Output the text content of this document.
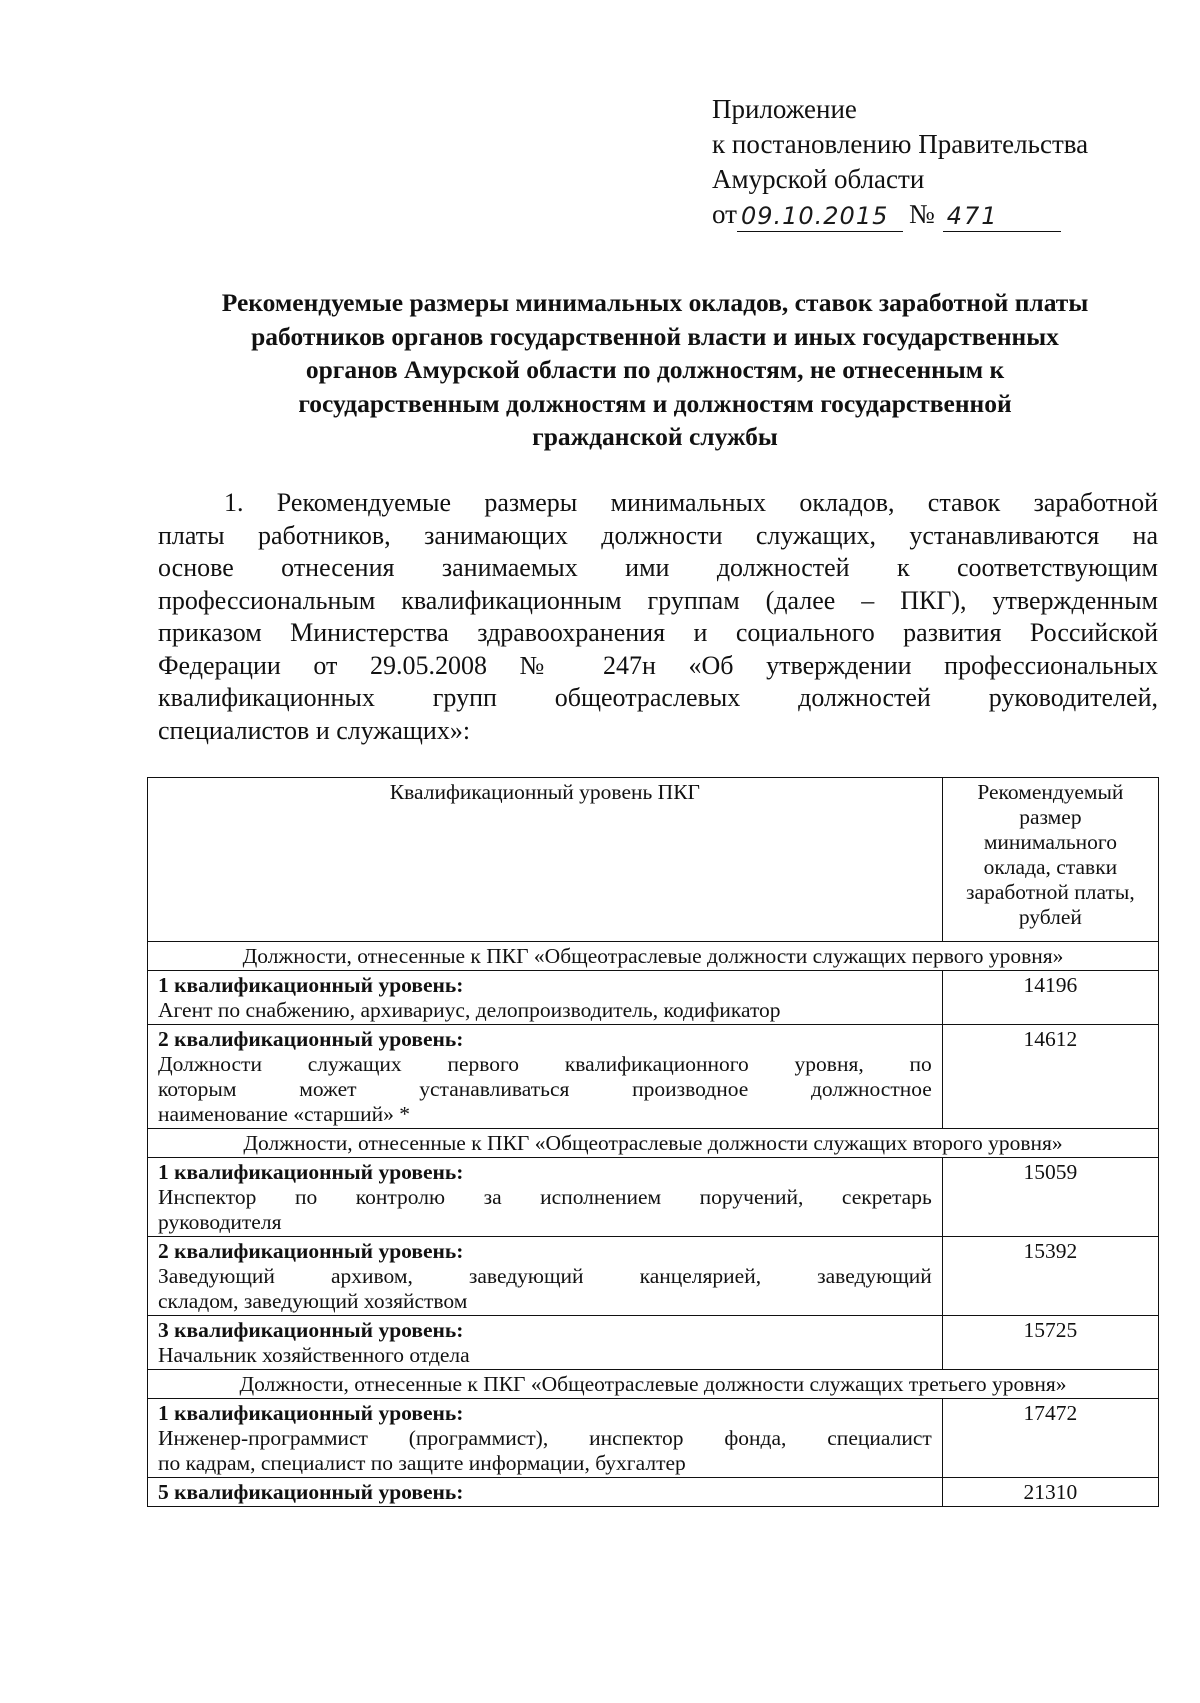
Приложение
к постановлению Правительства
Амурской области
от 09.10.2015 № 471
Рекомендуемые размеры минимальных окладов, ставок заработной платы
работников органов государственной власти и иных государственных
органов Амурской области по должностям, не отнесенным к
государственным должностям и должностям государственной
гражданской службы
1. Рекомендуемые размеры минимальных окладов, ставок заработной
платы работников, занимающих должности служащих, устанавливаются на
основе отнесения занимаемых ими должностей к соответствующим
профессиональным квалификационным группам (далее – ПКГ), утвержденным
приказом Министерства здравоохранения и социального развития Российской
Федерации от 29.05.2008 № 247н «Об утверждении профессиональных
квалификационных групп общеотраслевых должностей руководителей,
специалистов и служащих»:
Квалификационный уровень ПКГ	Рекомендуемый размер минимального оклада, ставки заработной платы, рублей
Должности, отнесенные к ПКГ «Общеотраслевые должности служащих первого уровня»	

1 квалификационный уровень:
Агент по снабжению, архивариус, делопроизводитель, кодификатор	14196

2 квалификационный уровень:
Должности служащих первого квалификационного уровня, по
которым может устанавливаться производное должностное
наименование «старший» *	14612
Должности, отнесенные к ПКГ «Общеотраслевые должности служащих второго уровня»	

1 квалификационный уровень:
Инспектор по контролю за исполнением поручений, секретарь
руководителя	15059

2 квалификационный уровень:
Заведующий архивом, заведующий канцелярией, заведующий
складом, заведующий хозяйством	15392

3 квалификационный уровень:
Начальник хозяйственного отдела	15725
Должности, отнесенные к ПКГ «Общеотраслевые должности служащих третьего уровня»	

1 квалификационный уровень:
Инженер-программист (программист), инспектор фонда, специалист
по кадрам, специалист по защите информации, бухгалтер	17472

5 квалификационный уровень:	21310
